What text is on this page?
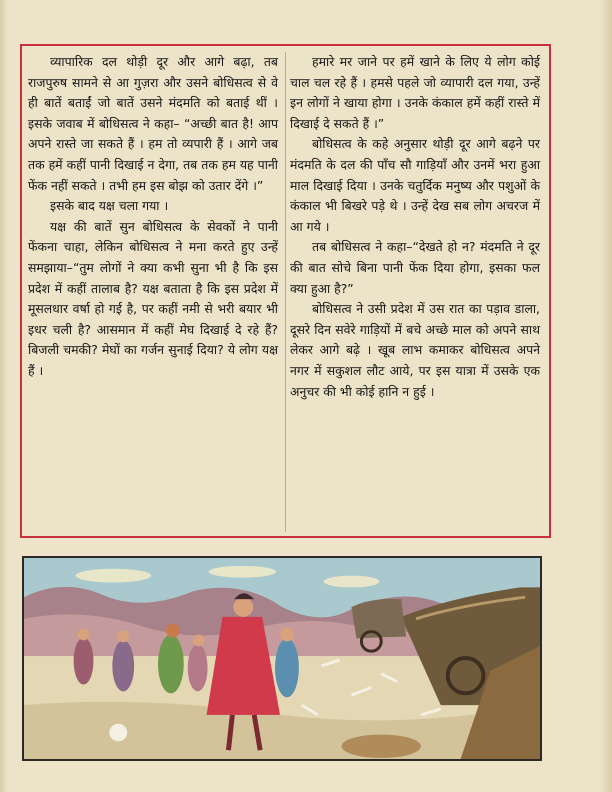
व्यापारिक दल थोड़ी दूर और आगे बढ़ा, तब राजपुरुष सामने से आ गुज़रा और उसने बोधिसत्व से वे ही बातें बताईं जो बातें उसने मंदमति को बताई थीं । इसके जवाब में बोधिसत्व ने कहा– “अच्छी बात है! आप अपने रास्ते जा सकते हैं । हम तो व्यपारी हैं । आगे जब तक हमें कहीं पानी दिखाई न देगा, तब तक हम यह पानी फेंक नहीं सकते । तभी हम इस बोझ को उतार देंगे ।”

इसके बाद यक्ष चला गया ।

यक्ष की बातें सुन बोधिसत्व के सेवकों ने पानी फेंकना चाहा, लेकिन बोधिसत्व ने मना करते हुए उन्हें समझाया–“तुम लोगों ने क्या कभी सुना भी है कि इस प्रदेश में कहीं तालाब है? यक्ष बताता है कि इस प्रदेश में मूसलधार वर्षा हो गई है, पर कहीं नमी से भरी बयार भी इधर चली है? आसमान में कहीं मेघ दिखाई दे रहे हैं? बिजली चमकी? मेघों का गर्जन सुनाई दिया? ये लोग यक्ष हैं ।

हमारे मर जाने पर हमें खाने के लिए ये लोग कोई चाल चल रहे हैं । हमसे पहले जो व्यापारी दल गया, उन्हें इन लोगों ने खाया होगा । उनके कंकाल हमें कहीं रास्ते में दिखाई दे सकते हैं ।”

बोधिसत्व के कहे अनुसार थोड़ी दूर आगे बढ़ने पर मंदमति के दल की पाँच सौ गाड़ियाँ और उनमें भरा हुआ माल दिखाई दिया । उनके चतुर्दिक मनुष्य और पशुओं के कंकाल भी बिखरे पड़े थे । उन्हें देख सब लोग अचरज में आ गये ।

तब बोधिसत्व ने कहा–“देखते हो न? मंदमति ने दूर की बात सोचे बिना पानी फेंक दिया होगा, इसका फल क्या हुआ है?”

बोधिसत्व ने उसी प्रदेश में उस रात का पड़ाव डाला, दूसरे दिन सवेरे गाड़ियों में बचे अच्छे माल को अपने साथ लेकर आगे बढ़े । खूब लाभ कमाकर बोधिसत्व अपने नगर में सकुशल लौट आये, पर इस यात्रा में उसके एक अनुचर की भी कोई हानि न हुई ।
